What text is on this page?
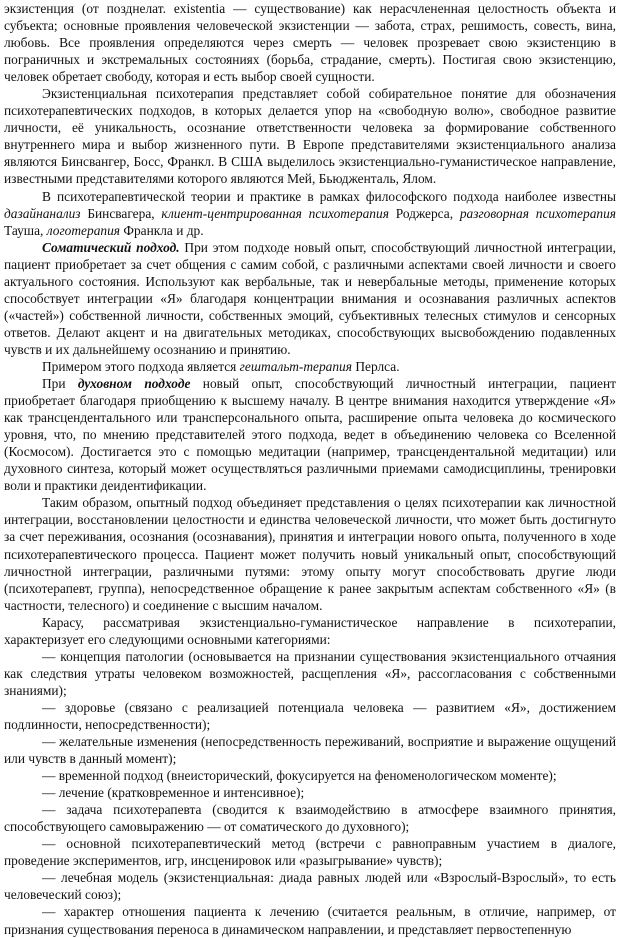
экзистенция (от позднелат. existentia — существование) как нерасчлененная целостность объекта и субъекта; основные проявления человеческой экзистенции — забота, страх, решимость, совесть, вина, любовь. Все проявления определяются через смерть — человек прозревает свою экзистенцию в пограничных и экстремальных состояниях (борьба, страдание, смерть). Постигая свою экзистенцию, человек обретает свободу, которая и есть выбор своей сущности.

Экзистенциальная психотерапия представляет собой собирательное понятие для обозначения психотерапевтических подходов, в которых делается упор на «свободную волю», свободное развитие личности, её уникальность, осознание ответственности человека за формирование собственного внутреннего мира и выбор жизненного пути. В Европе представителями экзистенциального анализа являются Бинсвангер, Босс, Франкл. В США выделилось экзистенциально-гуманистическое направление, известными представителями которого являются Мей, Бьюдженталь, Ялом.

В психотерапевтической теории и практике в рамках философского подхода наиболее известны дазайнанализ Бинсвагера, клиент-центрированная психотерапия Роджерса, разговорная психотерапия Тауша, логотерапия Франкла и др.

Соматический подход. При этом подходе новый опыт, способствующий личностной интеграции, пациент приобретает за счет общения с самим собой, с различными аспектами своей личности и своего актуального состояния. Используют как вербальные, так и невербальные методы, применение которых способствует интеграции «Я» благодаря концентрации внимания и осознавания различных аспектов («частей») собственной личности, собственных эмоций, субъективных телесных стимулов и сенсорных ответов. Делают акцент и на двигательных методиках, способствующих высвобождению подавленных чувств и их дальнейшему осознанию и принятию.

Примером этого подхода является гештальт-терапия Перлса.

При духовном подходе новый опыт, способствующий личностный интеграции, пациент приобретает благодаря приобщению к высшему началу. В центре внимания находится утверждение «Я» как трансцендентального или трансперсонального опыта, расширение опыта человека до космического уровня, что, по мнению представителей этого подхода, ведет в объединению человека со Вселенной (Космосом). Достигается это с помощью медитации (например, трансцендентальной медитации) или духовного синтеза, который может осуществляться различными приемами самодисциплины, тренировки воли и практики деидентификации.

Таким образом, опытный подход объединяет представления о целях психотерапии как личностной интеграции, восстановлении целостности и единства человеческой личности, что может быть достигнуто за счет переживания, осознания (осознавания), принятия и интеграции нового опыта, полученного в ходе психотерапевтического процесса. Пациент может получить новый уникальный опыт, способствующий личностной интеграции, различными путями: этому опыту могут способствовать другие люди (психотерапевт, группа), непосредственное обращение к ранее закрытым аспектам собственного «Я» (в частности, телесного) и соединение с высшим началом.

Карасу, рассматривая экзистенциально-гуманистическое направление в психотерапии, характеризует его следующими основными категориями:

— концепция патологии (основывается на признании существования экзистенциального отчаяния как следствия утраты человеком возможностей, расщепления «Я», рассогласования с собственными знаниями);

— здоровье (связано с реализацией потенциала человека — развитием «Я», достижением подлинности, непосредственности);

— желательные изменения (непосредственность переживаний, восприятие и выражение ощущений или чувств в данный момент);

— временной подход (внеисторический, фокусируется на феноменологическом моменте);

— лечение (кратковременное и интенсивное);

— задача психотерапевта (сводится к взаимодействию в атмосфере взаимного принятия, способствующего самовыражению — от соматического до духовного);

— основной психотерапевтический метод (встречи с равноправным участием в диалоге, проведение экспериментов, игр, инсценировок или «разыгрывание» чувств);

— лечебная модель (экзистенциальная: диада равных людей или «Взрослый-Взрослый», то есть человеческий союз);

— характер отношения пациента к лечению (считается реальным, в отличие, например, от признания существования переноса в динамическом направлении, и представляет первостепенную
